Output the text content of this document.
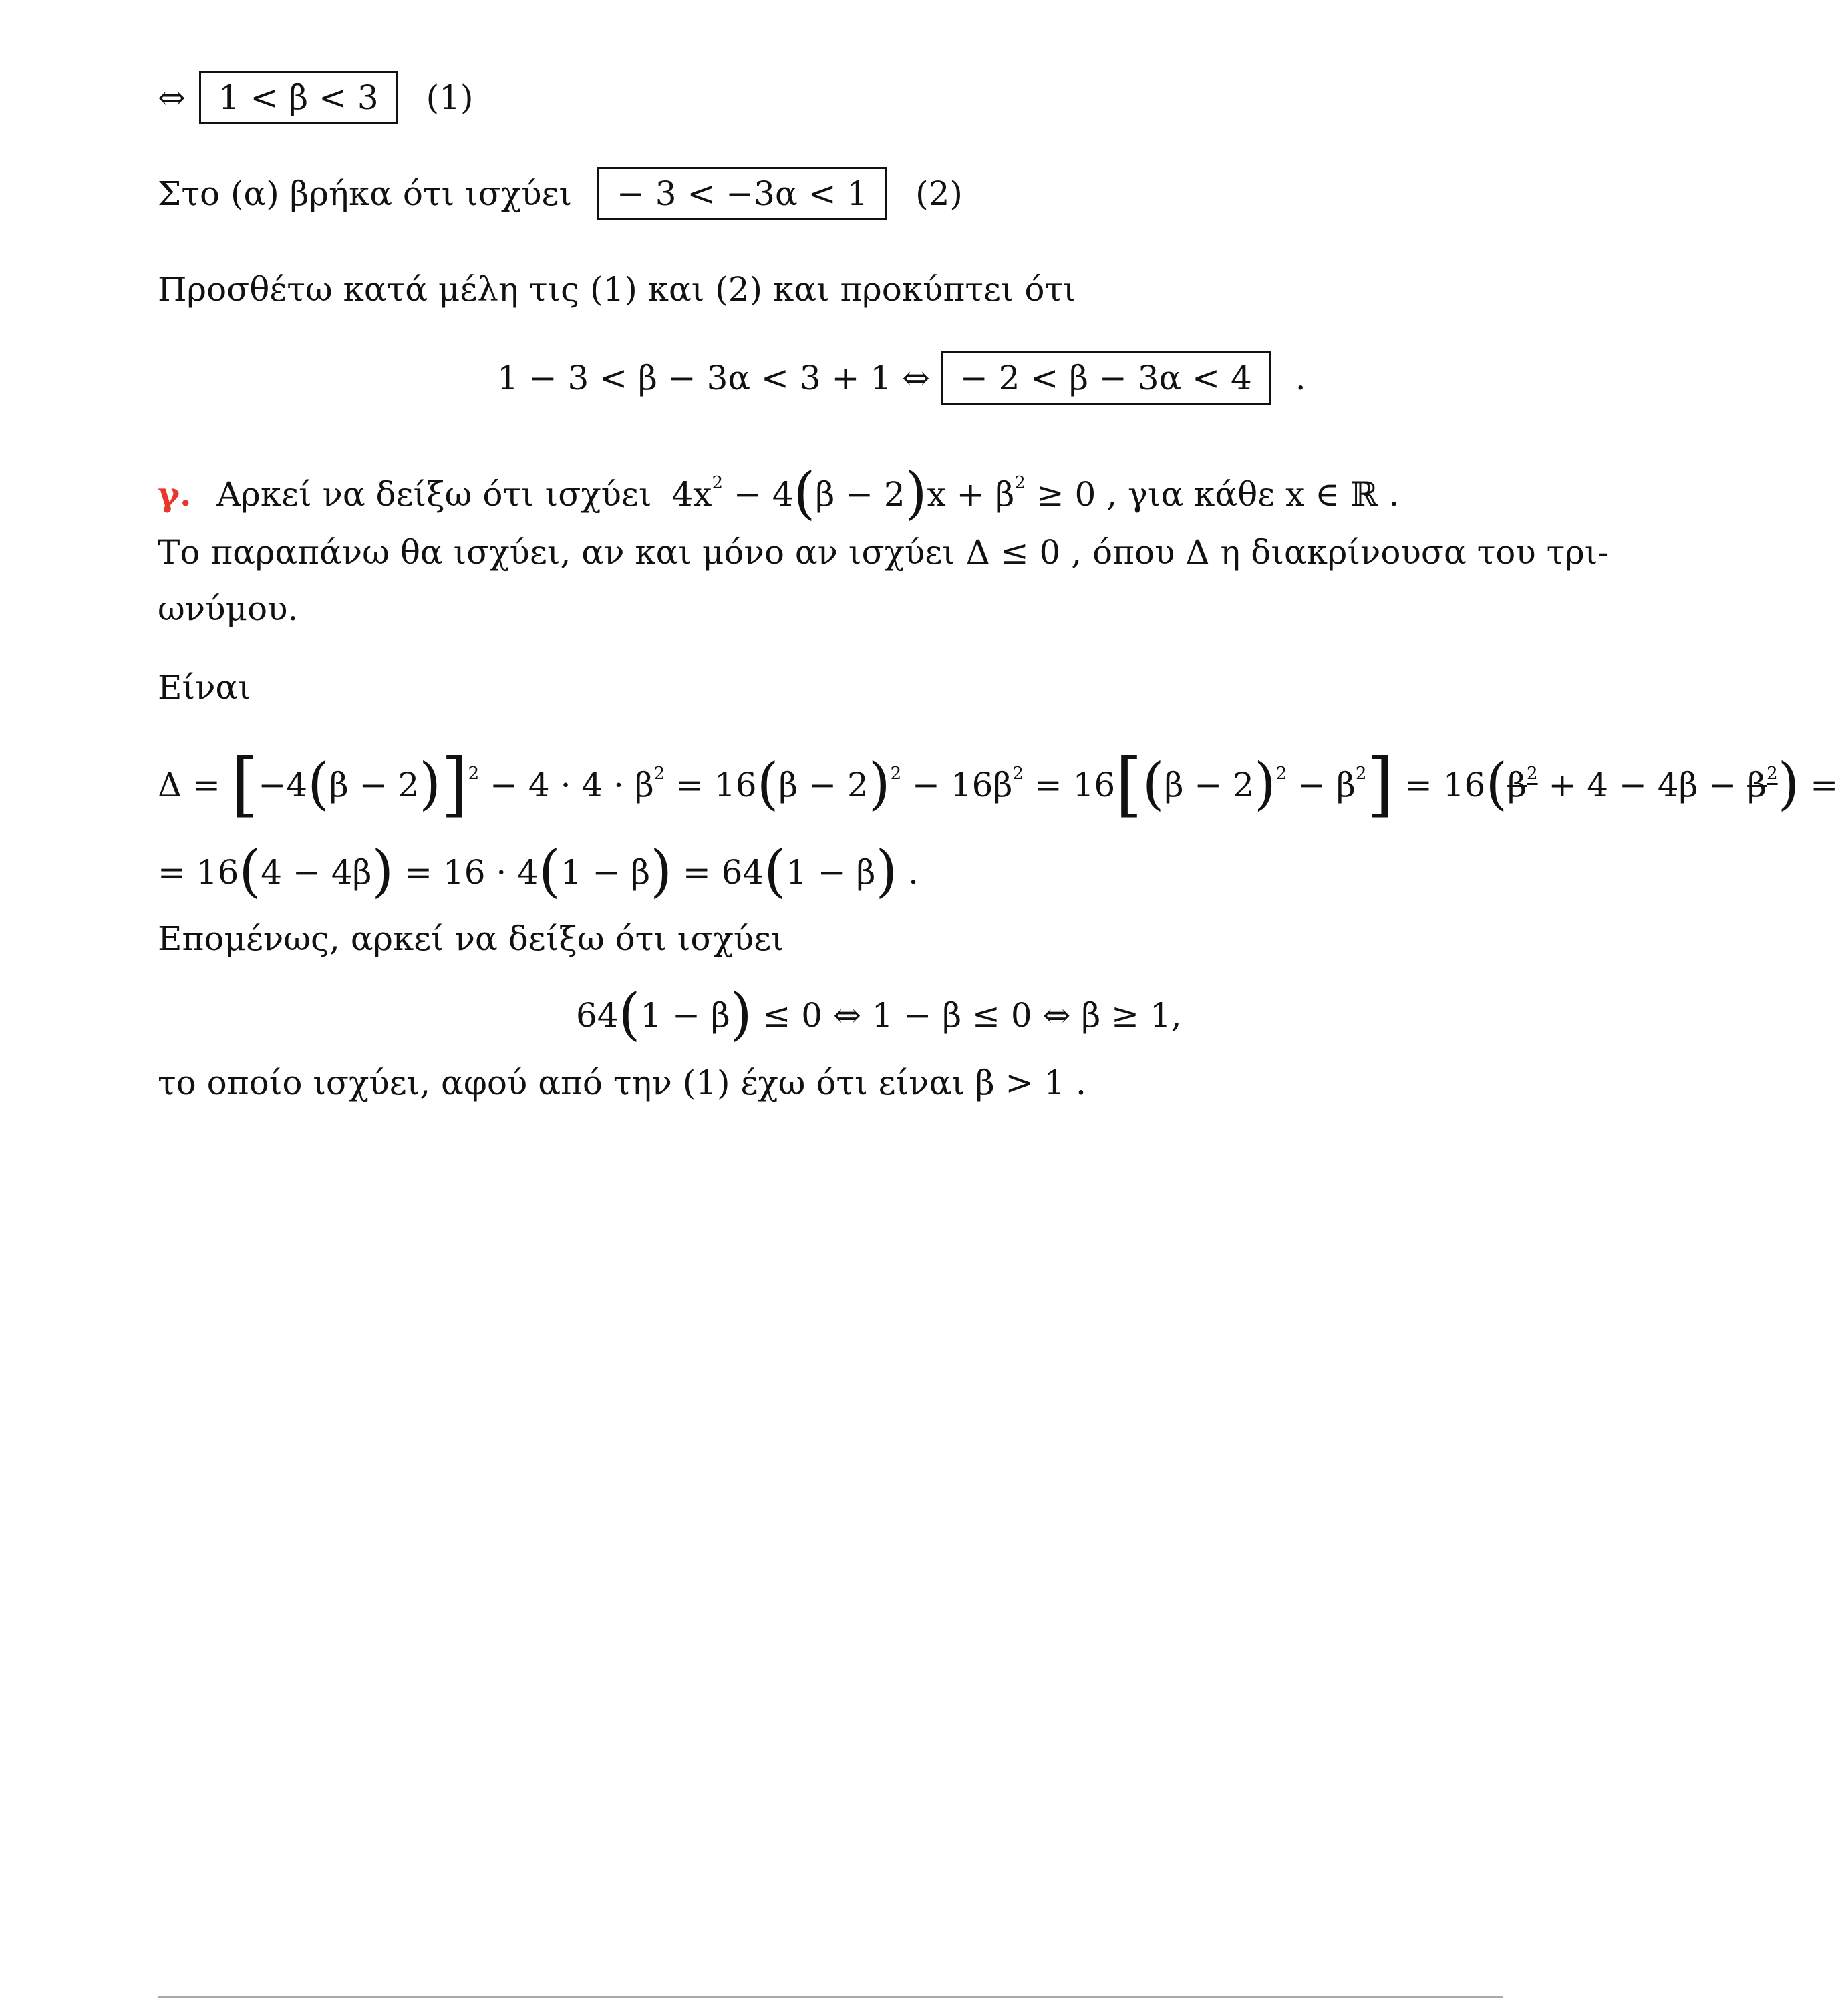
⇔ 1 < β < 3 (1)
Στο (α) βρήκα ότι ισχύει − 3 < −3α < 1 (2)
Προσθέτω κατά μέλη τις (1) και (2) και προκύπτει ότι
1 − 3 < β − 3α < 3 + 1 ⇔ − 2 < β − 3α < 4 .
γ. Αρκεί να δείξω ότι ισχύει $4x^2 - 4(\beta - 2)x + \beta^2 \ge 0$ , για κάθε x ∈ ℝ .
Το παραπάνω θα ισχύει, αν και μόνο αν ισχύει Δ ≤ 0 , όπου Δ η διακρίνουσα του τρι-
ωνύμου.
Είναι
$\Delta = [-4(\beta - 2)]^2 - 4 \cdot 4 \cdot \beta^2 = 16(\beta - 2)^2 - 16\beta^2 = 16[(\beta - 2)^2 - \beta^2] = 16(\beta^2 + 4 - 4\beta - \beta^2)$ =
= 16(4 − 4β) = 16 · 4(1 − β) = 64(1 − β) .
Επομένως, αρκεί να δείξω ότι ισχύει
64(1 − β) ≤ 0 ⇔ 1 − β ≤ 0 ⇔ β ≥ 1,
το οποίο ισχύει, αφού από την (1) έχω ότι είναι β > 1 .
